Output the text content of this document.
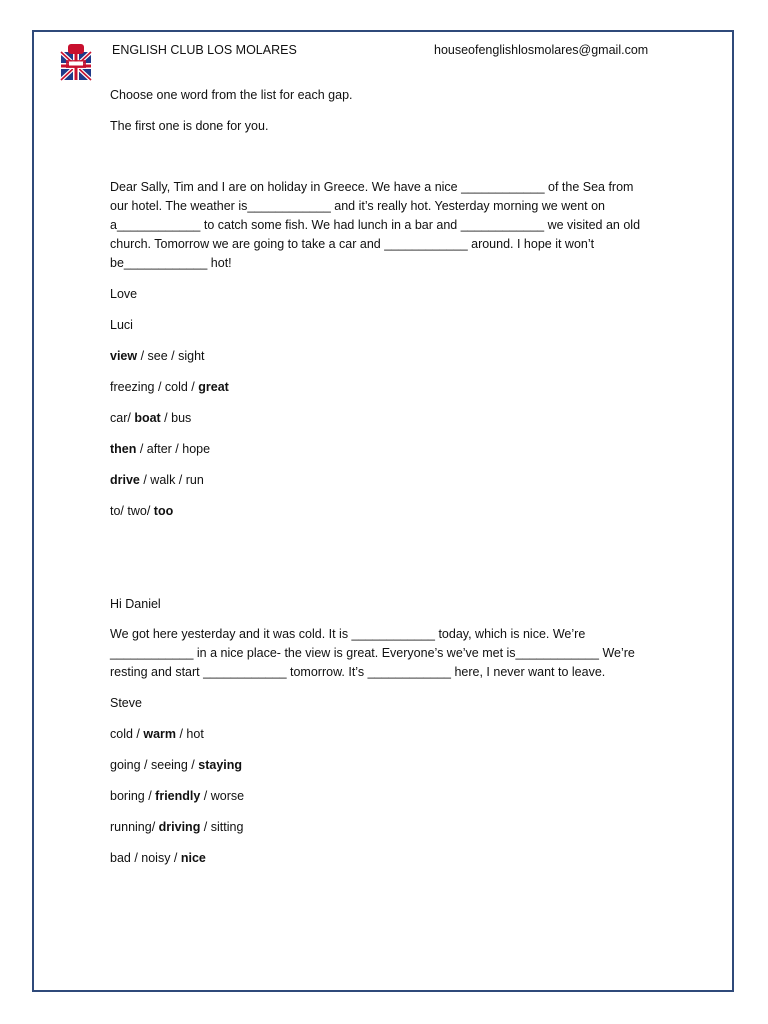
ENGLISH CLUB LOS MOLARES	houseofenglishlosmolares@gmail.com
Choose one word from the list for each gap.
The first one is done for you.
Dear Sally, Tim and I are on holiday in Greece. We have a nice ____________ of the Sea from
our hotel. The weather is____________ and it’s really hot. Yesterday morning we went on
a____________ to catch some fish. We had lunch in a bar and ____________ we visited an old
church. Tomorrow we are going to take a car and ____________ around. I hope it won’t
be____________ hot!
Love
Luci
view / see / sight
freezing / cold / great
car/ boat / bus
then / after / hope
drive / walk / run
to/ two/ too
Hi Daniel
We got here yesterday and it was cold. It is ____________ today, which is nice. We’re
____________ in a nice place- the view is great. Everyone’s we’ve met is____________ We’re
resting and start ____________ tomorrow. It’s ____________ here, I never want to leave.
Steve
cold / warm / hot
going / seeing / staying
boring / friendly / worse
running/ driving / sitting
bad / noisy / nice
